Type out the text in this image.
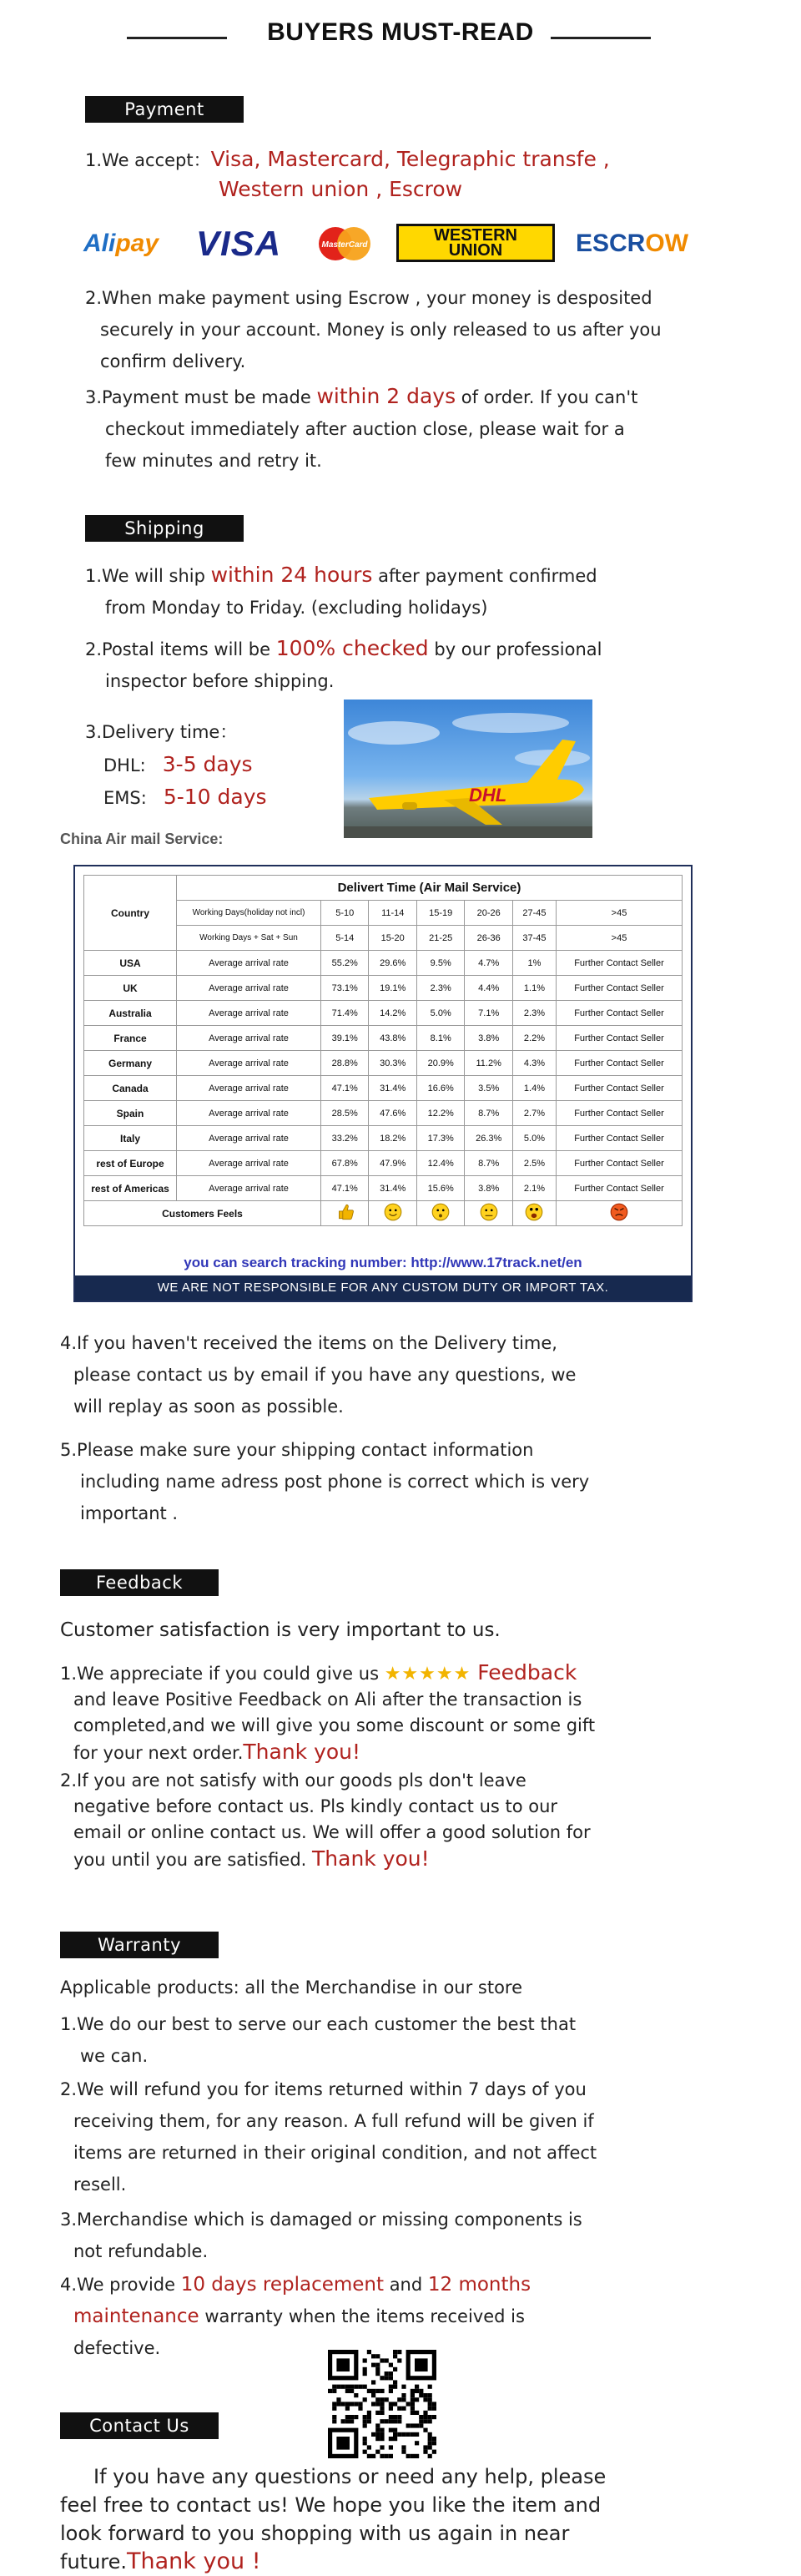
BUYERS MUST-READ
Payment
1.We accept：Visa, Mastercard, Telegraphic transfe ,
Western union , Escrow
Ali pay VISA	MasterCard
WESTERN
UNION	ESCR OW
2.When make payment using Escrow , your money is desposited
securely in your account. Money is only released to us after you
confirm delivery.
3.Payment must be made within 2 days of order. If you can't
checkout immediately after auction close, please wait for a
few minutes and retry it.
Shipping
1.We will ship within 24 hours after payment confirmed
from Monday to Friday. (excluding holidays)
2.Postal items will be 100% checked by our professional
inspector before shipping.
3.Delivery time：
DHL: 3-5 days
EMS: 5-10 days	DHL
China Air mail Service:
Country	Delivert Time (Air Mail Service)						
	Working Days(holiday not incl)	5-10	11-14	15-19	20-26	27-45	>45
	Working Days + Sat + Sun	5-14	15-20	21-25	26-36	37-45	>45
USA	Average arrival rate	55.2%	29.6%	9.5%	4.7%	1%	Further Contact Seller
UK	Average arrival rate	73.1%	19.1%	2.3%	4.4%	1.1%	Further Contact Seller
Australia	Average arrival rate	71.4%	14.2%	5.0%	7.1%	2.3%	Further Contact Seller
France	Average arrival rate	39.1%	43.8%	8.1%	3.8%	2.2%	Further Contact Seller
Germany	Average arrival rate	28.8%	30.3%	20.9%	11.2%	4.3%	Further Contact Seller
Canada	Average arrival rate	47.1%	31.4%	16.6%	3.5%	1.4%	Further Contact Seller
Spain	Average arrival rate	28.5%	47.6%	12.2%	8.7%	2.7%	Further Contact Seller
Italy	Average arrival rate	33.2%	18.2%	17.3%	26.3%	5.0%	Further Contact Seller
rest of Europe	Average arrival rate	67.8%	47.9%	12.4%	8.7%	2.5%	Further Contact Seller
rest of Americas	Average arrival rate	47.1%	31.4%	15.6%	3.8%	2.1%	Further Contact Seller
Customers Feels						
you can search tracking number: http://www.17track.net/en
WE ARE NOT RESPONSIBLE FOR ANY CUSTOM DUTY OR IMPORT TAX.
4.If you haven't received the items on the Delivery time,
please contact us by email if you have any questions, we
will replay as soon as possible.
5.Please make sure your shipping contact information
including name adress post phone is correct which is very
important .
Feedback
Customer satisfaction is very important to us.
1.We appreciate if you could give us ★★★★★ Feedback
and leave Positive Feedback on Ali after the transaction is
completed,and we will give you some discount or some gift
for your next order.Thank you!
2.If you are not satisfy with our goods pls don't leave
negative before contact us. Pls kindly contact us to our
email or online contact us. We will offer a good solution for
you until you are satisfied. Thank you!
Warranty
Applicable products: all the Merchandise in our store
1.We do our best to serve our each customer the best that
we can.
2.We will refund you for items returned within 7 days of you
receiving them, for any reason. A full refund will be given if
items are returned in their original condition, and not affect
resell.
3.Merchandise which is damaged or missing components is
not refundable.
4.We provide 10 days replacement and 12 months
maintenance warranty when the items received is
defective.
Contact Us
If you have any questions or need any help, please
feel free to contact us! We hope you like the item and
look forward to you shopping with us again in near
future.Thank you !
